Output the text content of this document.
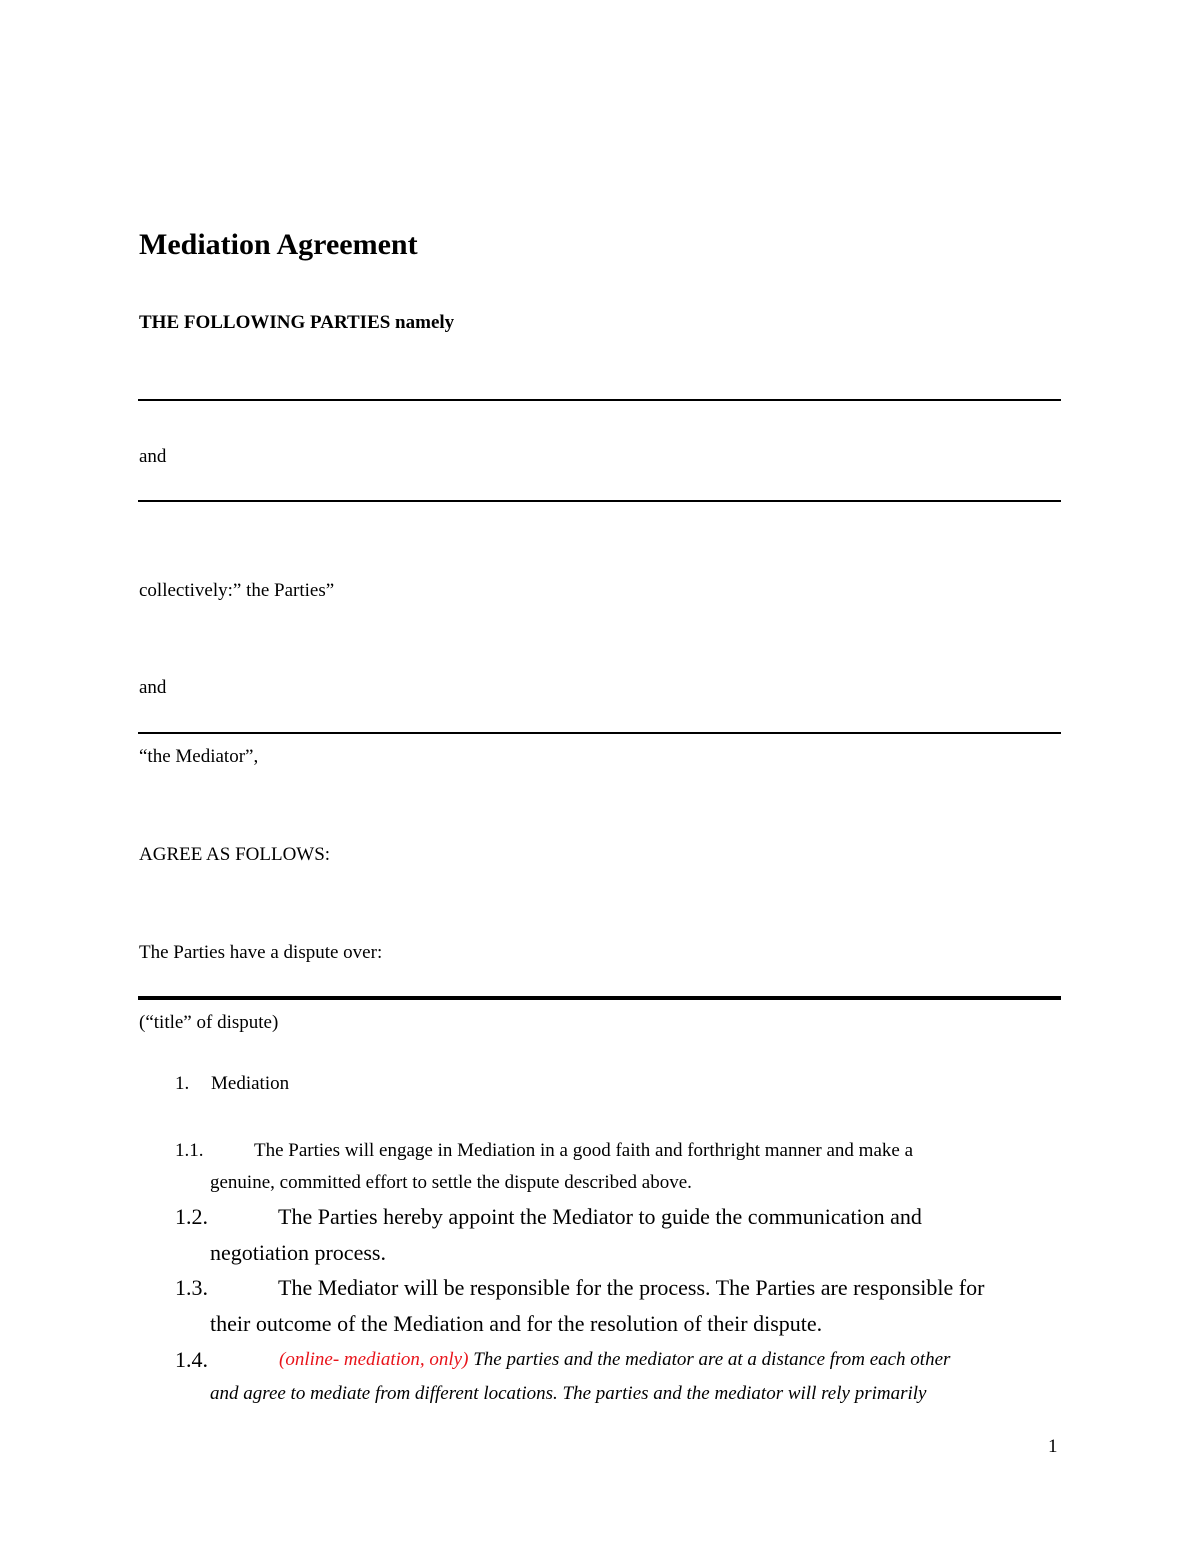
Mediation Agreement
THE FOLLOWING PARTIES namely
and
collectively:” the Parties”
and
“the Mediator”,
AGREE AS FOLLOWS:
The Parties have a dispute over:
(“title” of dispute)
1. Mediation
1.1.	The Parties will engage in Mediation in a good faith and forthright manner and make a
genuine, committed effort to settle the dispute described above.
1.2.	The Parties hereby appoint the Mediator to guide the communication and
negotiation process.
1.3.	The Mediator will be responsible for the process. The Parties are responsible for
their outcome of the Mediation and for the resolution of their dispute.
1.4.	(online- mediation, only) The parties and the mediator are at a distance from each other
and agree to mediate from different locations. The parties and the mediator will rely primarily
1
